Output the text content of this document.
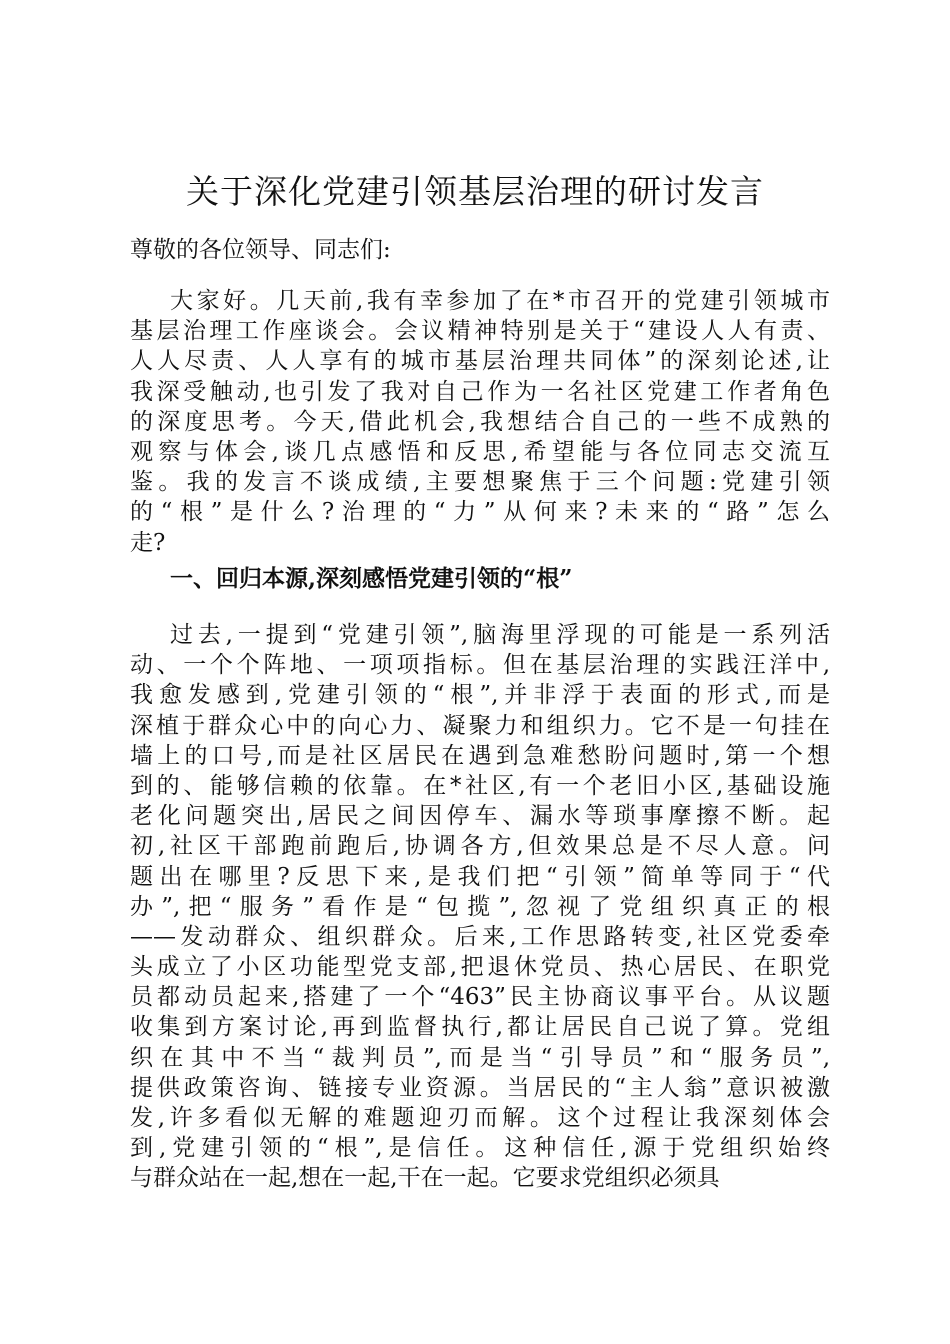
关于深化党建引领基层治理的研讨发言
尊敬的各位领导、同志们:
大家好。几天前,我有幸参加了在*市召开的党建引领城市
基层治理工作座谈会。会议精神特别是关于“建设人人有责、
人人尽责、人人享有的城市基层治理共同体”的深刻论述,让
我深受触动,也引发了我对自己作为一名社区党建工作者角色
的深度思考。今天,借此机会,我想结合自己的一些不成熟的
观察与体会,谈几点感悟和反思,希望能与各位同志交流互
鉴。我的发言不谈成绩,主要想聚焦于三个问题:党建引领
的“根”是什么?治理的“力”从何来?未来的“路”怎么
走?
一、回归本源,深刻感悟党建引领的“根”
过去,一提到“党建引领”,脑海里浮现的可能是一系列活
动、一个个阵地、一项项指标。但在基层治理的实践汪洋中,
我愈发感到,党建引领的“根”,并非浮于表面的形式,而是
深植于群众心中的向心力、凝聚力和组织力。它不是一句挂在
墙上的口号,而是社区居民在遇到急难愁盼问题时,第一个想
到的、能够信赖的依靠。在*社区,有一个老旧小区,基础设施
老化问题突出,居民之间因停车、漏水等琐事摩擦不断。起
初,社区干部跑前跑后,协调各方,但效果总是不尽人意。问
题出在哪里?反思下来,是我们把“引领”简单等同于“代
办”,把“服务”看作是“包揽”,忽视了党组织真正的根
——发动群众、组织群众。后来,工作思路转变,社区党委牵
头成立了小区功能型党支部,把退休党员、热心居民、在职党
员都动员起来,搭建了一个“463”民主协商议事平台。从议题
收集到方案讨论,再到监督执行,都让居民自己说了算。党组
织在其中不当“裁判员”,而是当“引导员”和“服务员”,
提供政策咨询、链接专业资源。当居民的“主人翁”意识被激
发,许多看似无解的难题迎刃而解。这个过程让我深刻体会
到,党建引领的“根”,是信任。这种信任,源于党组织始终
与群众站在一起,想在一起,干在一起。它要求党组织必须具
